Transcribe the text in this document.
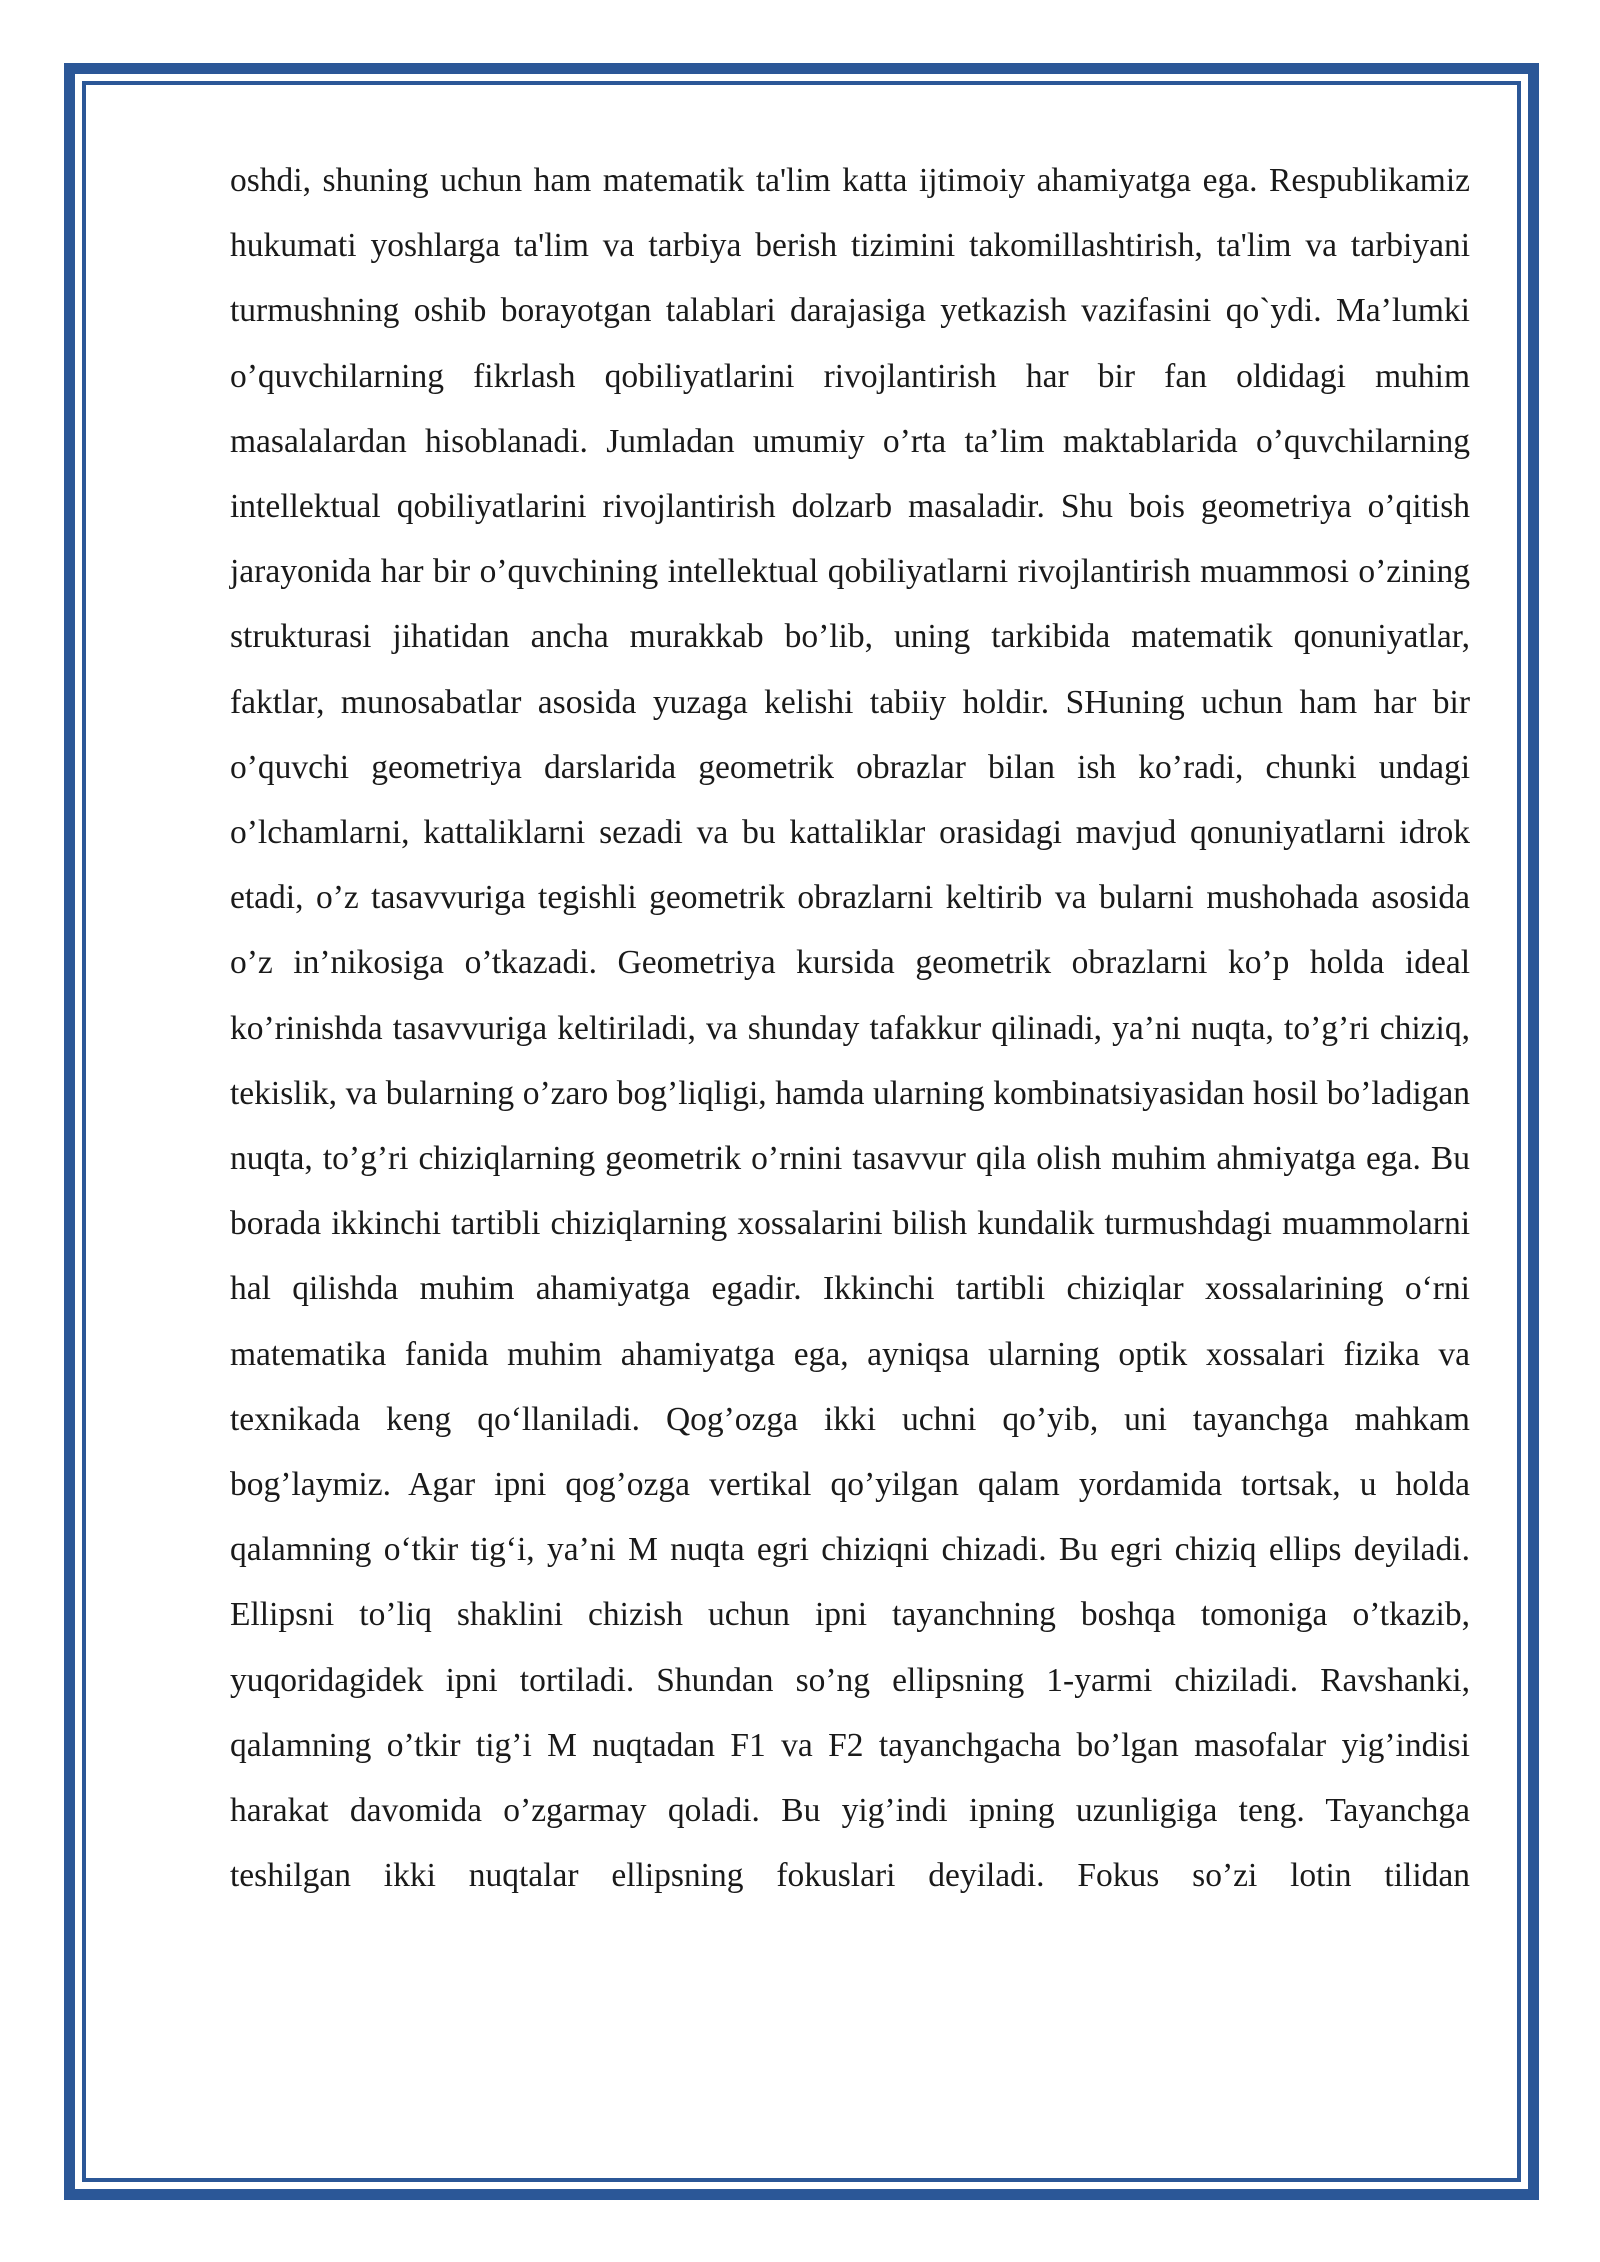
oshdi, shuning uchun ham matematik ta'lim katta ijtimoiy ahamiyatga ega. Respublikamiz hukumati yoshlarga ta'lim va tarbiya berish tizimini takomillashtirish, ta'lim va tarbiyani turmushning oshib borayotgan talablari darajasiga yetkazish vazifasini qo`ydi. Ma’lumki o’quvchilarning fikrlash qobiliyatlarini rivojlantirish har bir fan oldidagi muhim masalalardan hisoblanadi. Jumladan umumiy o’rta ta’lim maktablarida o’quvchilarning intellektual qobiliyatlarini rivojlantirish dolzarb masaladir. Shu bois geometriya o’qitish jarayonida har bir o’quvchining intellektual qobiliyatlarni rivojlantirish muammosi o’zining strukturasi jihatidan ancha murakkab bo’lib, uning tarkibida matematik qonuniyatlar, faktlar, munosabatlar asosida yuzaga kelishi tabiiy holdir. SHuning uchun ham har bir o’quvchi geometriya darslarida geometrik obrazlar bilan ish ko’radi, chunki undagi o’lchamlarni, kattaliklarni sezadi va bu kattaliklar orasidagi mavjud qonuniyatlarni idrok etadi, o’z tasavvuriga tegishli geometrik obrazlarni keltirib va bularni mushohada asosida o’z in’nikosiga o’tkazadi. Geometriya kursida geometrik obrazlarni ko’p holda ideal ko’rinishda tasavvuriga keltiriladi, va shunday tafakkur qilinadi, ya’ni nuqta, to’g’ri chiziq, tekislik, va bularning o’zaro bog’liqligi, hamda ularning kombinatsiyasidan hosil bo’ladigan nuqta, to’g’ri chiziqlarning geometrik o’rnini tasavvur qila olish muhim ahmiyatga ega. Bu borada ikkinchi tartibli chiziqlarning xossalarini bilish kundalik turmushdagi muammolarni hal qilishda muhim ahamiyatga egadir. Ikkinchi tartibli chiziqlar xossalarining o‘rni matematika fanida muhim ahamiyatga ega, ayniqsa ularning optik xossalari fizika va texnikada keng qo‘llaniladi. Qog’ozga ikki uchni qo’yib, uni tayanchga mahkam bog’laymiz. Agar ipni qog’ozga vertikal qo’yilgan qalam yordamida tortsak, u holda qalamning o‘tkir tig‘i, ya’ni M nuqta egri chiziqni chizadi. Bu egri chiziq ellips deyiladi. Ellipsni to’liq shaklini chizish uchun ipni tayanchning boshqa tomoniga o’tkazib, yuqoridagidek ipni tortiladi. Shundan so’ng ellipsning 1-yarmi chiziladi. Ravshanki, qalamning o’tkir tig’i M nuqtadan F1 va F2 tayanchgacha bo’lgan masofalar yig’indisi harakat davomida o’zgarmay qoladi. Bu yig’indi ipning uzunligiga teng. Tayanchga teshilgan ikki nuqtalar ellipsning fokuslari deyiladi. Fokus so’zi lotin tilidan
